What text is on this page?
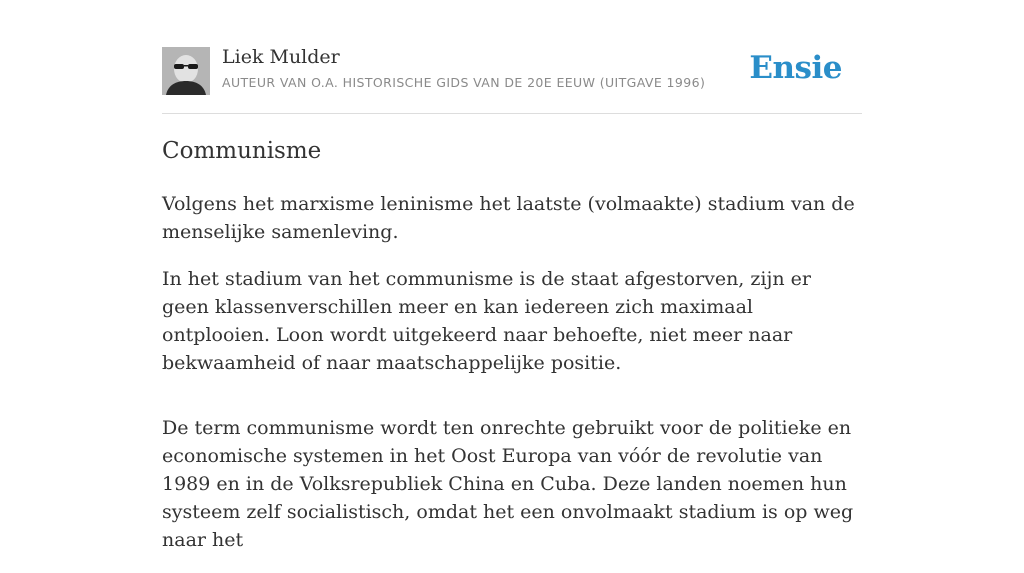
Liek Mulder
AUTEUR VAN O.A. HISTORISCHE GIDS VAN DE 20E EEUW (UITGAVE 1996) Ensie
Communisme

Volgens het marxisme leninisme het laatste (volmaakte) stadium van de menselijke samenleving.

In het stadium van het communisme is de staat afgestorven, zijn er geen klassenverschillen meer en kan iedereen zich maximaal ontplooien. Loon wordt uitgekeerd naar behoefte, niet meer naar bekwaamheid of naar maatschappelijke positie.

De term communisme wordt ten onrechte gebruikt voor de politieke en economische systemen in het Oost Europa van vóór de revolutie van 1989 en in de Volksrepubliek China en Cuba. Deze landen noemen hun systeem zelf socialistisch, omdat het een onvolmaakt stadium is op weg naar het
